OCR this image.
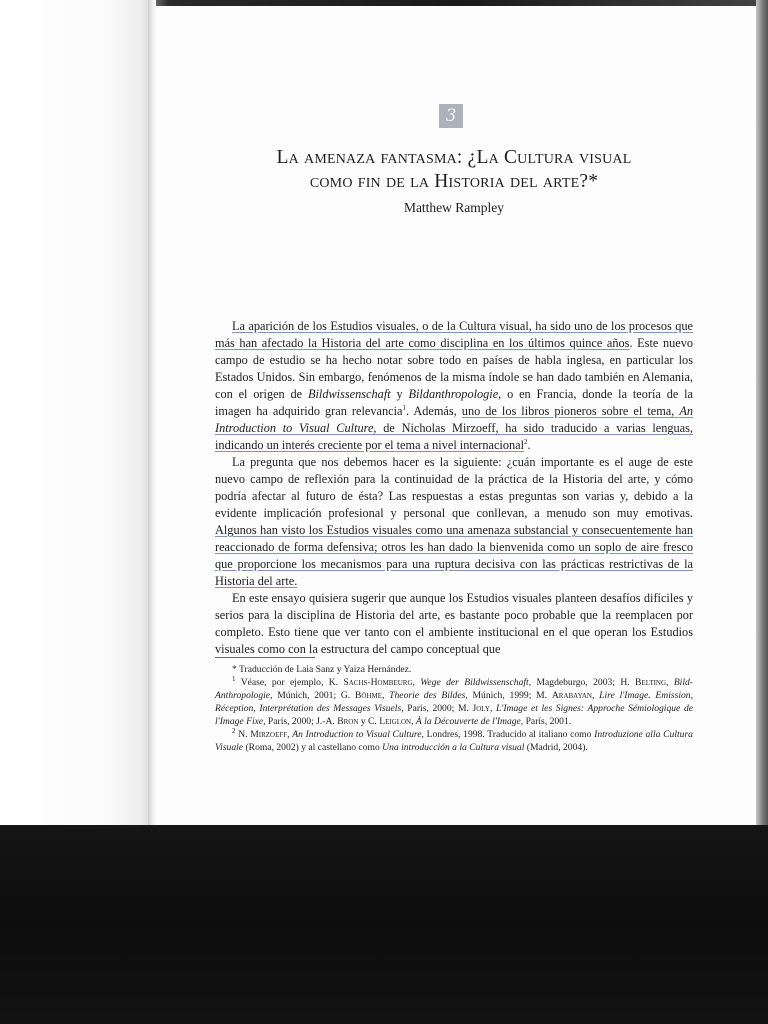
3
La amenaza fantasma: ¿La Cultura visual
como fin de la Historia del arte?*
Matthew Rampley

La aparición de los Estudios visuales, o de la Cultura visual, ha sido uno de los procesos que más han afectado la Historia del arte como disciplina en los últimos quince años. Este nuevo campo de estudio se ha hecho notar sobre todo en países de habla inglesa, en particular los Estados Unidos. Sin embargo, fenómenos de la misma índole se han dado también en Alemania, con el origen de Bildwissenschaft y Bildanthropologie, o en Francia, donde la teoría de la imagen ha adquirido gran relevancia$^1$. Además, uno de los libros pioneros sobre el tema, An Introduction to Visual Culture, de Nicholas Mirzoeff, ha sido traducido a varias lenguas, indicando un interés creciente por el tema a nivel internacional$^2$.

La pregunta que nos debemos hacer es la siguiente: ¿cuán importante es el auge de este nuevo campo de reflexión para la continuidad de la práctica de la Historia del arte, y cómo podría afectar al futuro de ésta? Las respuestas a estas preguntas son varias y, debido a la evidente implicación profesional y personal que conllevan, a menudo son muy emotivas. Algunos han visto los Estudios visuales como una amenaza substancial y consecuentemente han reaccionado de forma defensiva; otros les han dado la bienvenida como un soplo de aire fresco que proporcione los mecanismos para una ruptura decisiva con las prácticas restrictivas de la Historia del arte.

En este ensayo quisiera sugerir que aunque los Estudios visuales planteen desafíos difíciles y serios para la disciplina de Historia del arte, es bastante poco probable que la reemplacen por completo. Esto tiene que ver tanto con el ambiente institucional en el que operan los Estudios visuales como con la estructura del campo conceptual que

* Traducción de Laia Sanz y Yaiza Hernández.

$^1$ Véase, por ejemplo, K. Sachs-Hombeurg, Wege der Bildwissenschaft, Magdeburgo, 2003; H. Belting, Bild-Anthropologie, Múnich, 2001; G. Böhme, Theorie des Bildes, Múnich, 1999; M. Arabayan, Lire l'Image. Emission, Réception, Interprétation des Messages Visuels, París, 2000; M. Joly, L'Image et les Signes: Approche Sémiologique de l'Image Fixe, París, 2000; J.-A. Bron y C. Leiglon, À la Découverte de l'Image, París, 2001.

$^2$ N. Mirzoeff, An Introduction to Visual Culture, Londres, 1998. Traducido al italiano como Introduzione alla Cultura Visuale (Roma, 2002) y al castellano como Una introducción a la Cultura visual (Madrid, 2004).
